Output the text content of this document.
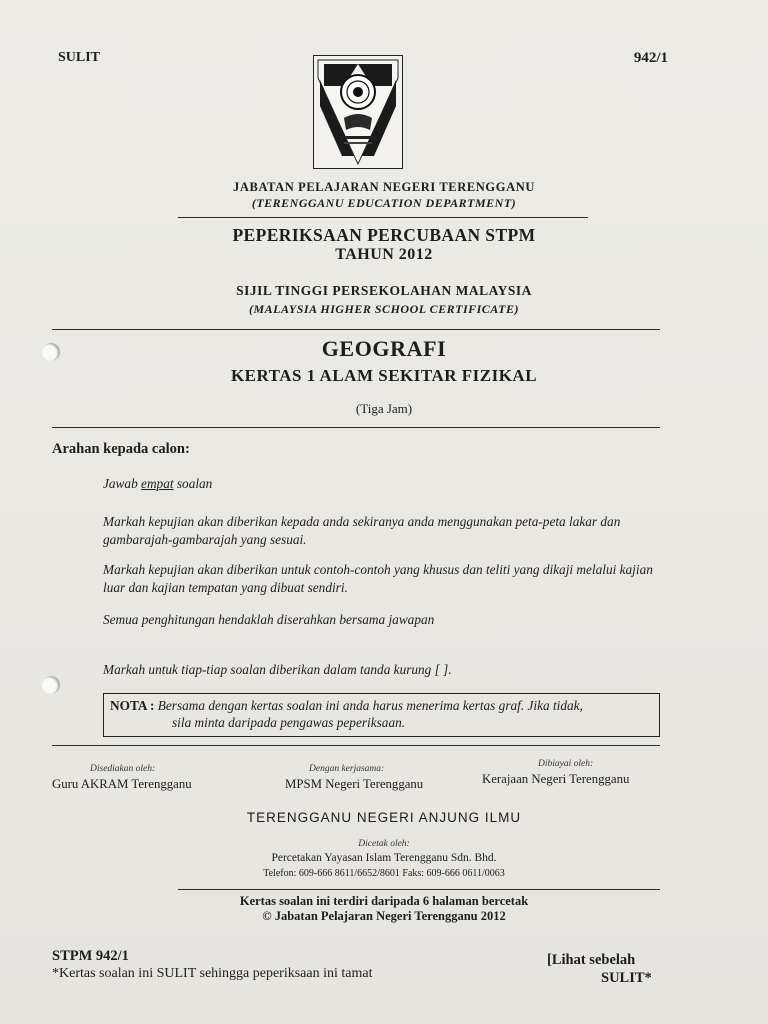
SULIT	942/1
JABATAN PELAJARAN NEGERI TERENGGANU
(TERENGGANU EDUCATION DEPARTMENT)
PEPERIKSAAN PERCUBAAN STPM
TAHUN 2012
SIJIL TINGGI PERSEKOLAHAN MALAYSIA
(MALAYSIA HIGHER SCHOOL CERTIFICATE)
GEOGRAFI
KERTAS 1 ALAM SEKITAR FIZIKAL
(Tiga Jam)
Arahan kepada calon:
Jawab empat soalan
Markah kepujian akan diberikan kepada anda sekiranya anda menggunakan peta-peta lakar dan gambarajah-gambarajah yang sesuai.
Markah kepujian akan diberikan untuk contoh-contoh yang khusus dan teliti yang dikaji melalui kajian luar dan kajian tempatan yang dibuat sendiri.
Semua penghitungan hendaklah diserahkan bersama jawapan
Markah untuk tiap-tiap soalan diberikan dalam tanda kurung [ ].
NOTA : Bersama dengan kertas soalan ini anda harus menerima kertas graf. Jika tidak,
sila minta daripada pengawas peperiksaan.
Disediakan oleh:
Guru AKRAM Terengganu
Dengan kerjasama:
MPSM Negeri Terengganu
Dibiayai oleh:
Kerajaan Negeri Terengganu
TERENGGANU NEGERI ANJUNG ILMU
Dicetak oleh:
Percetakan Yayasan Islam Terengganu Sdn. Bhd.
Telefon: 609-666 8611/6652/8601 Faks: 609-666 0611/0063
Kertas soalan ini terdiri daripada 6 halaman bercetak
© Jabatan Pelajaran Negeri Terengganu 2012
STPM 942/1
*Kertas soalan ini SULIT sehingga peperiksaan ini tamat
[Lihat sebelah
SULIT*
